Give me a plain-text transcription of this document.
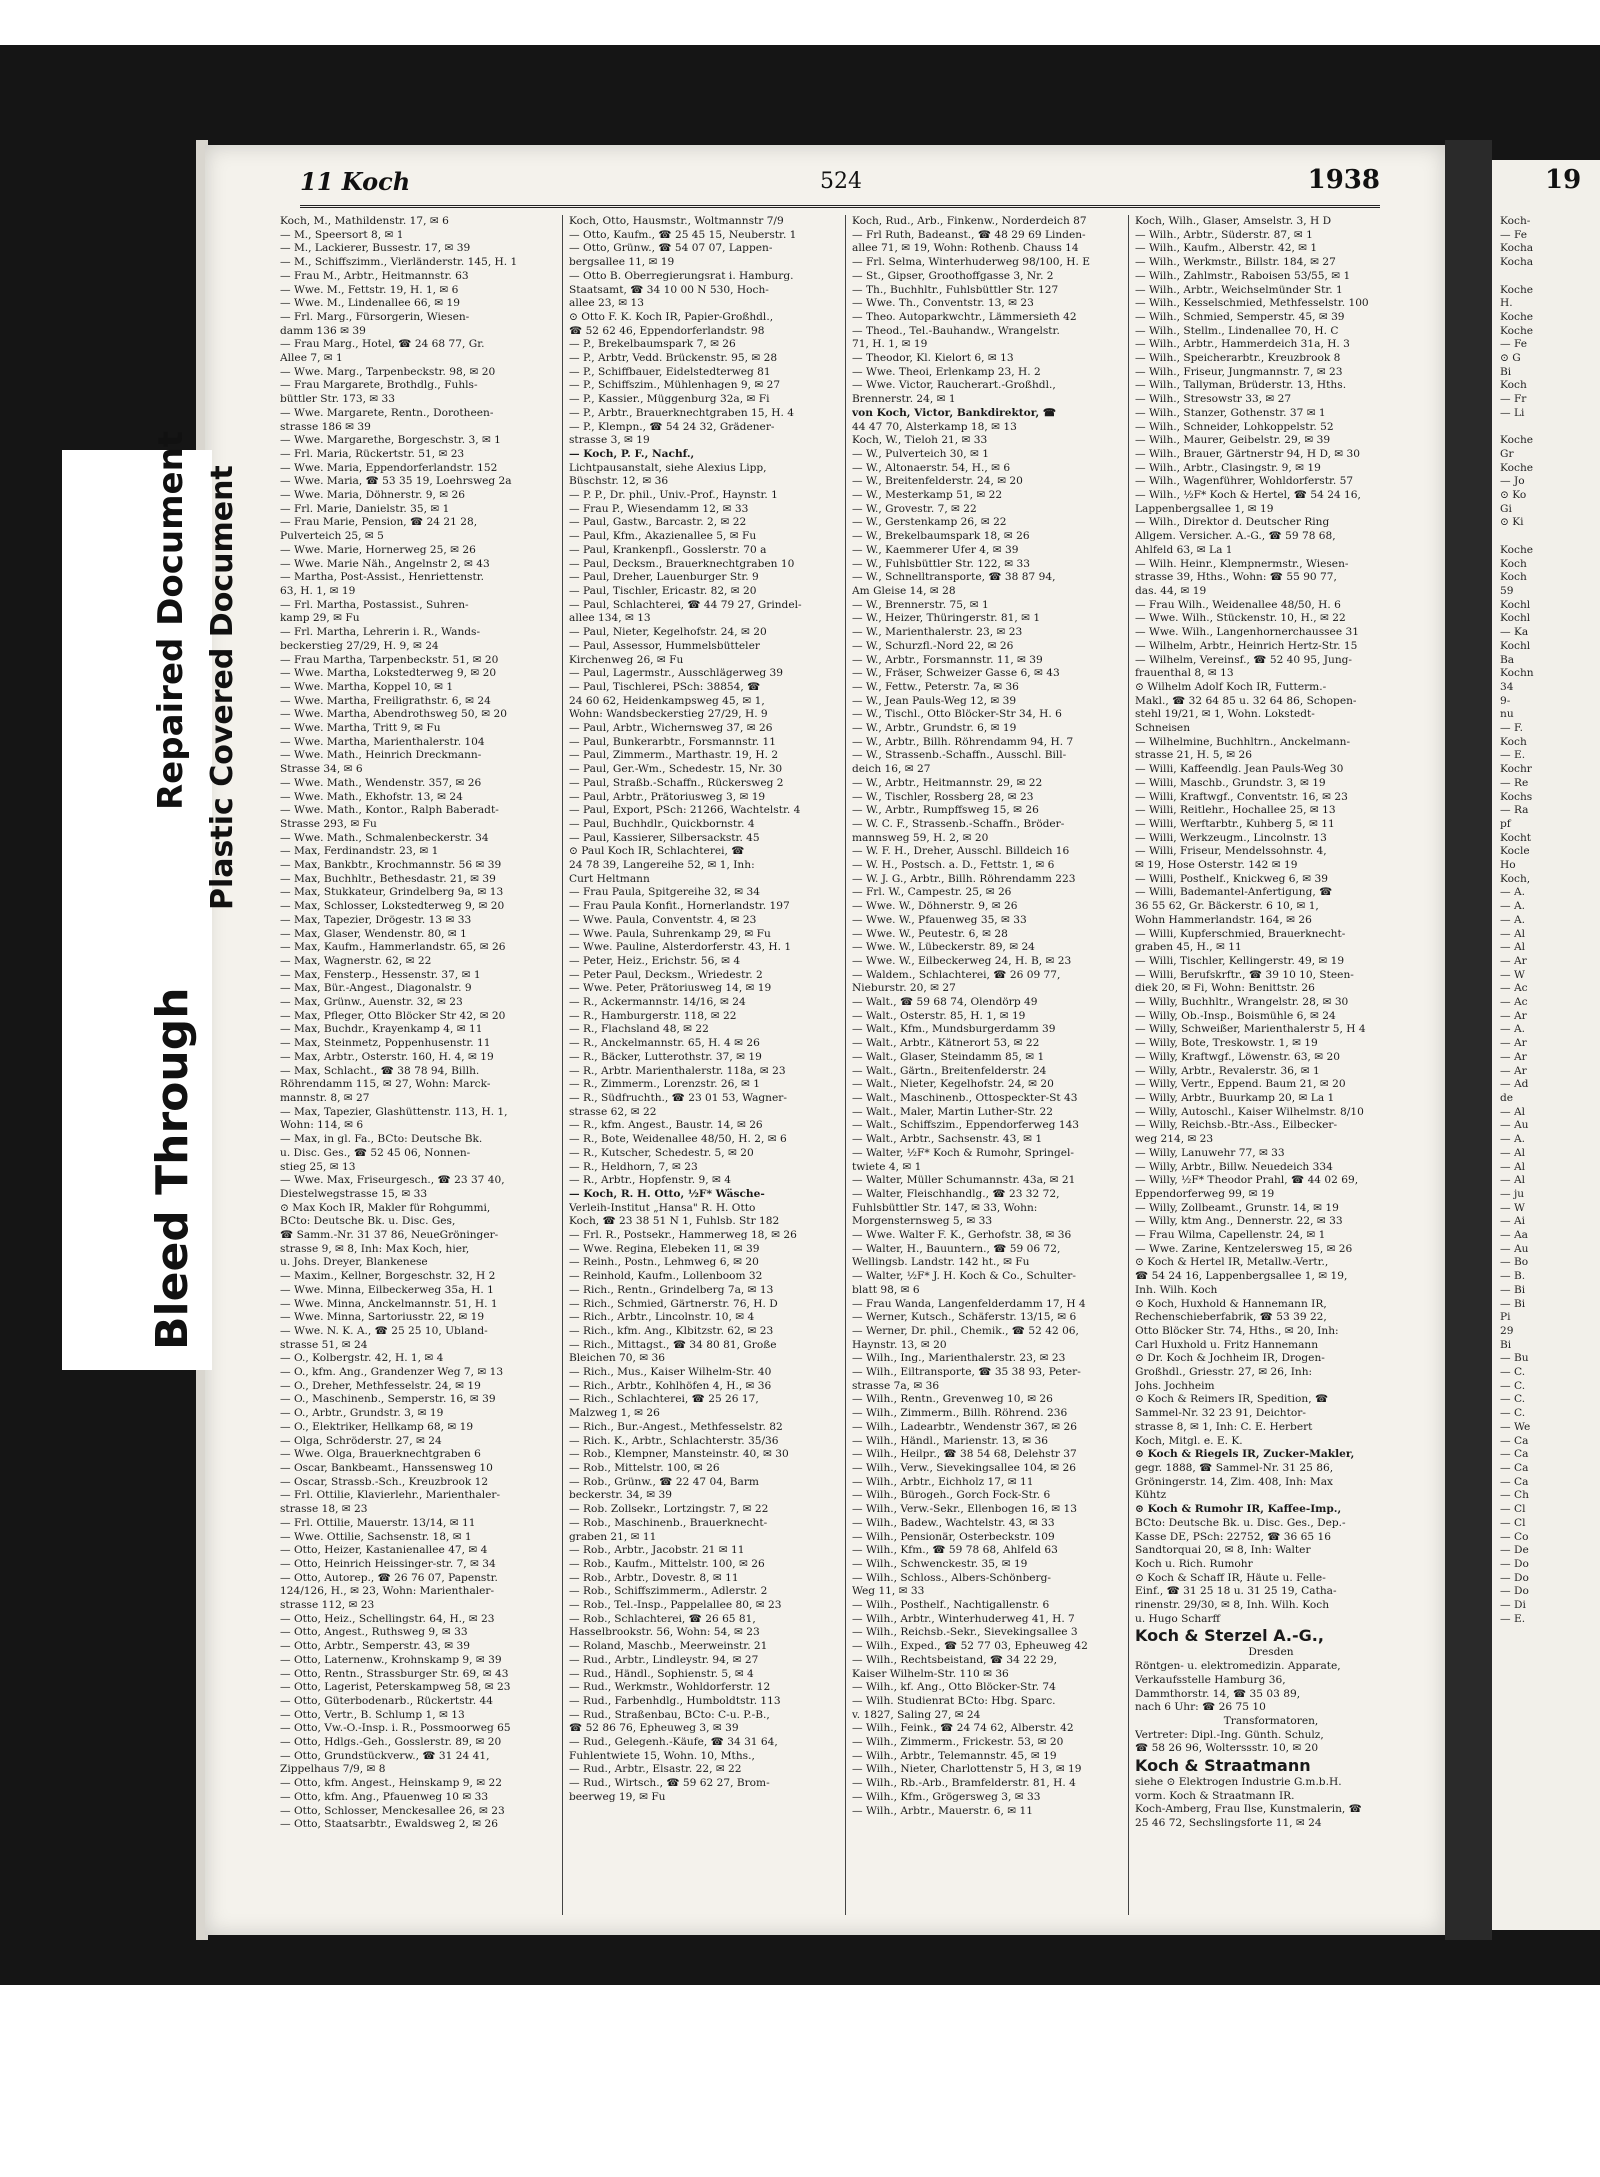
11 Koch	524	1938	19
Koch, M., Mathildenstr. 17, ✉ 6
— M., Speersort 8, ✉ 1
— M., Lackierer, Bussestr. 17, ✉ 39
— M., Schiffszimm., Vierländerstr. 145, H. 1
— Frau M., Arbtr., Heitmannstr. 63
— Wwe. M., Fettstr. 19, H. 1, ✉ 6
— Wwe. M., Lindenallee 66, ✉ 19
— Frl. Marg., Fürsorgerin, Wiesen-
damm 136 ✉ 39
— Frau Marg., Hotel, ☎ 24 68 77, Gr.
Allee 7, ✉ 1
— Wwe. Marg., Tarpenbeckstr. 98, ✉ 20
— Frau Margarete, Brothdlg., Fuhls-
büttler Str. 173, ✉ 33
— Wwe. Margarete, Rentn., Dorotheen-
strasse 186 ✉ 39
— Wwe. Margarethe, Borgeschstr. 3, ✉ 1
— Frl. Maria, Rückertstr. 51, ✉ 23
— Wwe. Maria, Eppendorferlandstr. 152
— Wwe. Maria, ☎ 53 35 19, Loehrsweg 2a
— Wwe. Maria, Döhnerstr. 9, ✉ 26
— Frl. Marie, Danielstr. 35, ✉ 1
— Frau Marie, Pension, ☎ 24 21 28,
Pulverteich 25, ✉ 5
— Wwe. Marie, Hornerweg 25, ✉ 26
— Wwe. Marie Näh., Angelnstr 2, ✉ 43
— Martha, Post-Assist., Henriettenstr.
63, H. 1, ✉ 19
— Frl. Martha, Postassist., Suhren-
kamp 29, ✉ Fu
— Frl. Martha, Lehrerin i. R., Wands-
beckerstieg 27/29, H. 9, ✉ 24
— Frau Martha, Tarpenbeckstr. 51, ✉ 20
— Wwe. Martha, Lokstedterweg 9, ✉ 20
— Wwe. Martha, Koppel 10, ✉ 1
— Wwe. Martha, Freiligrathstr. 6, ✉ 24
— Wwe. Martha, Abendrothsweg 50, ✉ 20
— Wwe. Martha, Tritt 9, ✉ Fu
— Wwe. Martha, Marienthalerstr. 104
— Wwe. Math., Heinrich Dreckmann-
Strasse 34, ✉ 6
— Wwe. Math., Wendenstr. 357, ✉ 26
— Wwe. Math., Ekhofstr. 13, ✉ 24
— Wwe. Math., Kontor., Ralph Baberadt-
Strasse 293, ✉ Fu
— Wwe. Math., Schmalenbeckerstr. 34
— Max, Ferdinandstr. 23, ✉ 1
— Max, Bankbtr., Krochmannstr. 56 ✉ 39
— Max, Buchhltr., Bethesdastr. 21, ✉ 39
— Max, Stukkateur, Grindelberg 9a, ✉ 13
— Max, Schlosser, Lokstedterweg 9, ✉ 20
— Max, Tapezier, Drögestr. 13 ✉ 33
— Max, Glaser, Wendenstr. 80, ✉ 1
— Max, Kaufm., Hammerlandstr. 65, ✉ 26
— Max, Wagnerstr. 62, ✉ 22
— Max, Fensterp., Hessenstr. 37, ✉ 1
— Max, Bür.-Angest., Diagonalstr. 9
— Max, Grünw., Auenstr. 32, ✉ 23
— Max, Pfleger, Otto Blöcker Str 42, ✉ 20
— Max, Buchdr., Krayenkamp 4, ✉ 11
— Max, Steinmetz, Poppenhusenstr. 11
— Max, Arbtr., Osterstr. 160, H. 4, ✉ 19
— Max, Schlacht., ☎ 38 78 94, Billh.
Röhrendamm 115, ✉ 27, Wohn: Marck-
mannstr. 8, ✉ 27
— Max, Tapezier, Glashüttenstr. 113, H. 1,
Wohn: 114, ✉ 6
— Max, in gl. Fa., BCto: Deutsche Bk.
u. Disc. Ges., ☎ 52 45 06, Nonnen-
stieg 25, ✉ 13
— Wwe. Max, Friseurgesch., ☎ 23 37 40,
Diestelwegstrasse 15, ✉ 33
⊙ Max Koch IR, Makler für Rohgummi,
BCto: Deutsche Bk. u. Disc. Ges,
☎ Samm.-Nr. 31 37 86, NeueGröninger-
strasse 9, ✉ 8, Inh: Max Koch, hier,
u. Johs. Dreyer, Blankenese
— Maxim., Kellner, Borgeschstr. 32, H 2
— Wwe. Minna, Eilbeckerweg 35a, H. 1
— Wwe. Minna, Anckelmannstr. 51, H. 1
— Wwe. Minna, Sartoriusstr. 22, ✉ 19
— Wwe. N. K. A., ☎ 25 25 10, Ubland-
strasse 51, ✉ 24
— O., Kolbergstr. 42, H. 1, ✉ 4
— O., kfm. Ang., Grandenzer Weg 7, ✉ 13
— O., Dreher, Methfesselstr. 24, ✉ 19
— O., Maschinenb., Semperstr. 16, ✉ 39
— O., Arbtr., Grundstr. 3, ✉ 19
— O., Elektriker, Hellkamp 68, ✉ 19
— Olga, Schröderstr. 27, ✉ 24
— Wwe. Olga, Brauerknechtgraben 6
— Oscar, Bankbeamt., Hanssensweg 10
— Oscar, Strassb.-Sch., Kreuzbrook 12
— Frl. Ottilie, Klavierlehr., Marienthaler-
strasse 18, ✉ 23
— Frl. Ottilie, Mauerstr. 13/14, ✉ 11
— Wwe. Ottilie, Sachsenstr. 18, ✉ 1
— Otto, Heizer, Kastanienallee 47, ✉ 4
— Otto, Heinrich Heissinger-str. 7, ✉ 34
— Otto, Autorep., ☎ 26 76 07, Papenstr.
124/126, H., ✉ 23, Wohn: Marienthaler-
strasse 112, ✉ 23
— Otto, Heiz., Schellingstr. 64, H., ✉ 23
— Otto, Angest., Ruthsweg 9, ✉ 33
— Otto, Arbtr., Semperstr. 43, ✉ 39
— Otto, Laternenw., Krohnskamp 9, ✉ 39
— Otto, Rentn., Strassburger Str. 69, ✉ 43
— Otto, Lagerist, Peterskampweg 58, ✉ 23
— Otto, Güterbodenarb., Rückertstr. 44
— Otto, Vertr., B. Schlump 1, ✉ 13
— Otto, Vw.-O.-Insp. i. R., Possmoorweg 65
— Otto, Hdlgs.-Geh., Gosslerstr. 89, ✉ 20
— Otto, Grundstückverw., ☎ 31 24 41,
Zippelhaus 7/9, ✉ 8
— Otto, kfm. Angest., Heinskamp 9, ✉ 22
— Otto, kfm. Ang., Pfauenweg 10 ✉ 33
— Otto, Schlosser, Menckesallee 26, ✉ 23
— Otto, Staatsarbtr., Ewaldsweg 2, ✉ 26
Koch, Otto, Hausmstr., Woltmannstr 7/9
— Otto, Kaufm., ☎ 25 45 15, Neuberstr. 1
— Otto, Grünw., ☎ 54 07 07, Lappen-
bergsallee 11, ✉ 19
— Otto B. Oberregierungsrat i. Hamburg.
Staatsamt, ☎ 34 10 00 N 530, Hoch-
allee 23, ✉ 13
⊙ Otto F. K. Koch IR, Papier-Großhdl.,
☎ 52 62 46, Eppendorferlandstr. 98
— P., Brekelbaumspark 7, ✉ 26
— P., Arbtr, Vedd. Brückenstr. 95, ✉ 28
— P., Schiffbauer, Eidelstedterweg 81
— P., Schiffszim., Mühlenhagen 9, ✉ 27
— P., Kassier., Müggenburg 32a, ✉ Fi
— P., Arbtr., Brauerknechtgraben 15, H. 4
— P., Klempn., ☎ 54 24 32, Grädener-
strasse 3, ✉ 19
— Koch, P. F., Nachf.,
Lichtpausanstalt, siehe Alexius Lipp,
Büschstr. 12, ✉ 36
— P. P., Dr. phil., Univ.-Prof., Haynstr. 1
— Frau P., Wiesendamm 12, ✉ 33
— Paul, Gastw., Barcastr. 2, ✉ 22
— Paul, Kfm., Akazienallee 5, ✉ Fu
— Paul, Krankenpfl., Gosslerstr. 70 a
— Paul, Decksm., Brauerknechtgraben 10
— Paul, Dreher, Lauenburger Str. 9
— Paul, Tischler, Ericastr. 82, ✉ 20
— Paul, Schlachterei, ☎ 44 79 27, Grindel-
allee 134, ✉ 13
— Paul, Nieter, Kegelhofstr. 24, ✉ 20
— Paul, Assessor, Hummelsbütteler
Kirchenweg 26, ✉ Fu
— Paul, Lagermstr., Ausschlägerweg 39
— Paul, Tischlerei, PSch: 38854, ☎
24 60 62, Heidenkampsweg 45, ✉ 1,
Wohn: Wandsbeckerstieg 27/29, H. 9
— Paul, Arbtr., Wichernsweg 37, ✉ 26
— Paul, Bunkerarbtr., Forsmannstr. 11
— Paul, Zimmerm., Marthastr. 19, H. 2
— Paul, Ger.-Wm., Schedestr. 15, Nr. 30
— Paul, Straßb.-Schaffn., Rückersweg 2
— Paul, Arbtr., Prätoriusweg 3, ✉ 19
— Paul, Export, PSch: 21266, Wachtelstr. 4
— Paul, Buchhdlr., Quickbornstr. 4
— Paul, Kassierer, Silbersackstr. 45
⊙ Paul Koch IR, Schlachterei, ☎
24 78 39, Langereihe 52, ✉ 1, Inh:
Curt Heltmann
— Frau Paula, Spitgereihe 32, ✉ 34
— Frau Paula Konfit., Hornerlandstr. 197
— Wwe. Paula, Conventstr. 4, ✉ 23
— Wwe. Paula, Suhrenkamp 29, ✉ Fu
— Wwe. Pauline, Alsterdorferstr. 43, H. 1
— Peter, Heiz., Erichstr. 56, ✉ 4
— Peter Paul, Decksm., Wriedestr. 2
— Wwe. Peter, Prätoriusweg 14, ✉ 19
— R., Ackermannstr. 14/16, ✉ 24
— R., Hamburgerstr. 118, ✉ 22
— R., Flachsland 48, ✉ 22
— R., Anckelmannstr. 65, H. 4 ✉ 26
— R., Bäcker, Lutterothstr. 37, ✉ 19
— R., Arbtr. Marienthalerstr. 118a, ✉ 23
— R., Zimmerm., Lorenzstr. 26, ✉ 1
— R., Südfruchth., ☎ 23 01 53, Wagner-
strasse 62, ✉ 22
— R., kfm. Angest., Baustr. 14, ✉ 26
— R., Bote, Weidenallee 48/50, H. 2, ✉ 6
— R., Kutscher, Schedestr. 5, ✉ 20
— R., Heldhorn, 7, ✉ 23
— R., Arbtr., Hopfenstr. 9, ✉ 4
— Koch, R. H. Otto, ½F* Wäsche-
Verleih-Institut „Hansa" R. H. Otto
Koch, ☎ 23 38 51 N 1, Fuhlsb. Str 182
— Frl. R., Postsekr., Hammerweg 18, ✉ 26
— Wwe. Regina, Elebeken 11, ✉ 39
— Reinh., Postn., Lehmweg 6, ✉ 20
— Reinhold, Kaufm., Lollenboom 32
— Rich., Rentn., Grindelberg 7a, ✉ 13
— Rich., Schmied, Gärtnerstr. 76, H. D
— Rich., Arbtr., Lincolnstr. 10, ✉ 4
— Rich., kfm. Ang., Klbitzstr. 62, ✉ 23
— Rich., Mittagst., ☎ 34 80 81, Große
Bleichen 70, ✉ 36
— Rich., Mus., Kaiser Wilhelm-Str. 40
— Rich., Arbtr., Kohlhöfen 4, H., ✉ 36
— Rich., Schlachterei, ☎ 25 26 17,
Malzweg 1, ✉ 26
— Rich., Bur.-Angest., Methfesselstr. 82
— Rich. K., Arbtr., Schlachterstr. 35/36
— Rob., Klempner, Mansteinstr. 40, ✉ 30
— Rob., Mittelstr. 100, ✉ 26
— Rob., Grünw., ☎ 22 47 04, Barm
beckerstr. 34, ✉ 39
— Rob. Zollsekr., Lortzingstr. 7, ✉ 22
— Rob., Maschinenb., Brauerknecht-
graben 21, ✉ 11
— Rob., Arbtr., Jacobstr. 21 ✉ 11
— Rob., Kaufm., Mittelstr. 100, ✉ 26
— Rob., Arbtr., Dovestr. 8, ✉ 11
— Rob., Schiffszimmerm., Adlerstr. 2
— Rob., Tel.-Insp., Pappelallee 80, ✉ 23
— Rob., Schlachterei, ☎ 26 65 81,
Hasselbrookstr. 56, Wohn: 54, ✉ 23
— Roland, Maschb., Meerweinstr. 21
— Rud., Arbtr., Lindleystr. 94, ✉ 27
— Rud., Händl., Sophienstr. 5, ✉ 4
— Rud., Werkmstr., Wohldorferstr. 12
— Rud., Farbenhdlg., Humboldtstr. 113
— Rud., Straßenbau, BCto: C-u. P.-B.,
☎ 52 86 76, Epheuweg 3, ✉ 39
— Rud., Gelegenh.-Käufe, ☎ 34 31 64,
Fuhlentwiete 15, Wohn. 10, Mths.,
— Rud., Arbtr., Elsastr. 22, ✉ 22
— Rud., Wirtsch., ☎ 59 62 27, Brom-
beerweg 19, ✉ Fu
Koch, Rud., Arb., Finkenw., Norderdeich 87
— Frl Ruth, Badeanst., ☎ 48 29 69 Linden-
allee 71, ✉ 19, Wohn: Rothenb. Chauss 14
— Frl. Selma, Winterhuderweg 98/100, H. E
— St., Gipser, Groothoffgasse 3, Nr. 2
— Th., Buchhltr., Fuhlsbüttler Str. 127
— Wwe. Th., Conventstr. 13, ✉ 23
— Theo. Autoparkwchtr., Lämmersieth 42
— Theod., Tel.-Bauhandw., Wrangelstr.
71, H. 1, ✉ 19
— Theodor, Kl. Kielort 6, ✉ 13
— Wwe. Theoi, Erlenkamp 23, H. 2
— Wwe. Victor, Raucherart.-Großhdl.,
Brennerstr. 24, ✉ 1
von Koch, Victor, Bankdirektor, ☎
44 47 70, Alsterkamp 18, ✉ 13
Koch, W., Tieloh 21, ✉ 33
— W., Pulverteich 30, ✉ 1
— W., Altonaerstr. 54, H., ✉ 6
— W., Breitenfelderstr. 24, ✉ 20
— W., Mesterkamp 51, ✉ 22
— W., Grovestr. 7, ✉ 22
— W., Gerstenkamp 26, ✉ 22
— W., Brekelbaumspark 18, ✉ 26
— W., Kaemmerer Ufer 4, ✉ 39
— W., Fuhlsbüttler Str. 122, ✉ 33
— W., Schnelltransporte, ☎ 38 87 94,
Am Gleise 14, ✉ 28
— W., Brennerstr. 75, ✉ 1
— W., Heizer, Thüringerstr. 81, ✉ 1
— W., Marienthalerstr. 23, ✉ 23
— W., Schurzfl.-Nord 22, ✉ 26
— W., Arbtr., Forsmannstr. 11, ✉ 39
— W., Fräser, Schweizer Gasse 6, ✉ 43
— W., Fettw., Peterstr. 7a, ✉ 36
— W., Jean Pauls-Weg 12, ✉ 39
— W., Tischl., Otto Blöcker-Str 34, H. 6
— W., Arbtr., Grundstr. 6, ✉ 19
— W., Arbtr., Billh. Röhrendamm 94, H. 7
— W., Strassenb.-Schaffn., Ausschl. Bill-
deich 16, ✉ 27
— W., Arbtr., Heitmannstr. 29, ✉ 22
— W., Tischler, Rossberg 28, ✉ 23
— W., Arbtr., Rumpffsweg 15, ✉ 26
— W. C. F., Strassenb.-Schaffn., Bröder-
mannsweg 59, H. 2, ✉ 20
— W. F. H., Dreher, Ausschl. Billdeich 16
— W. H., Postsch. a. D., Fettstr. 1, ✉ 6
— W. J. G., Arbtr., Billh. Röhrendamm 223
— Frl. W., Campestr. 25, ✉ 26
— Wwe. W., Döhnerstr. 9, ✉ 26
— Wwe. W., Pfauenweg 35, ✉ 33
— Wwe. W., Peutestr. 6, ✉ 28
— Wwe. W., Lübeckerstr. 89, ✉ 24
— Wwe. W., Eilbeckerweg 24, H. B, ✉ 23
— Waldem., Schlachterei, ☎ 26 09 77,
Nieburstr. 20, ✉ 27
— Walt., ☎ 59 68 74, Olendörp 49
— Walt., Osterstr. 85, H. 1, ✉ 19
— Walt., Kfm., Mundsburgerdamm 39
— Walt., Arbtr., Kätnerort 53, ✉ 22
— Walt., Glaser, Steindamm 85, ✉ 1
— Walt., Gärtn., Breitenfelderstr. 24
— Walt., Nieter, Kegelhofstr. 24, ✉ 20
— Walt., Maschinenb., Ottospeckter-St 43
— Walt., Maler, Martin Luther-Str. 22
— Walt., Schiffszim., Eppendorferweg 143
— Walt., Arbtr., Sachsenstr. 43, ✉ 1
— Walter, ½F* Koch & Rumohr, Springel-
twiete 4, ✉ 1
— Walter, Müller Schumannstr. 43a, ✉ 21
— Walter, Fleischhandlg., ☎ 23 32 72,
Fuhlsbüttler Str. 147, ✉ 33, Wohn:
Morgensternsweg 5, ✉ 33
— Wwe. Walter F. K., Gerhofstr. 38, ✉ 36
— Walter, H., Bauuntern., ☎ 59 06 72,
Wellingsb. Landstr. 142 ht., ✉ Fu
— Walter, ½F* J. H. Koch & Co., Schulter-
blatt 98, ✉ 6
— Frau Wanda, Langenfelderdamm 17, H 4
— Werner, Kutsch., Schäferstr. 13/15, ✉ 6
— Werner, Dr. phil., Chemik., ☎ 52 42 06,
Haynstr. 13, ✉ 20
— Wilh., Ing., Marienthalerstr. 23, ✉ 23
— Wilh., Eiltransporte, ☎ 35 38 93, Peter-
strasse 7a, ✉ 36
— Wilh., Rentn., Grevenweg 10, ✉ 26
— Wilh., Zimmerm., Billh. Röhrend. 236
— Wilh., Ladearbtr., Wendenstr 367, ✉ 26
— Wilh., Händl., Marienstr. 13, ✉ 36
— Wilh., Heilpr., ☎ 38 54 68, Delehstr 37
— Wilh., Verw., Sievekingsallee 104, ✉ 26
— Wilh., Arbtr., Eichholz 17, ✉ 11
— Wilh., Bürogeh., Gorch Fock-Str. 6
— Wilh., Verw.-Sekr., Ellenbogen 16, ✉ 13
— Wilh., Badew., Wachtelstr. 43, ✉ 33
— Wilh., Pensionär, Osterbeckstr. 109
— Wilh., Kfm., ☎ 59 78 68, Ahlfeld 63
— Wilh., Schwenckestr. 35, ✉ 19
— Wilh., Schloss., Albers-Schönberg-
Weg 11, ✉ 33
— Wilh., Posthelf., Nachtigallenstr. 6
— Wilh., Arbtr., Winterhuderweg 41, H. 7
— Wilh., Reichsb.-Sekr., Sievekingsallee 3
— Wilh., Exped., ☎ 52 77 03, Epheuweg 42
— Wilh., Rechtsbeistand, ☎ 34 22 29,
Kaiser Wilhelm-Str. 110 ✉ 36
— Wilh., kf. Ang., Otto Blöcker-Str. 74
— Wilh. Studienrat BCto: Hbg. Sparc.
v. 1827, Saling 27, ✉ 24
— Wilh., Feink., ☎ 24 74 62, Alberstr. 42
— Wilh., Zimmerm., Frickestr. 53, ✉ 20
— Wilh., Arbtr., Telemannstr. 45, ✉ 19
— Wilh., Nieter, Charlottenstr 5, H 3, ✉ 19
— Wilh., Rb.-Arb., Bramfelderstr. 81, H. 4
— Wilh., Kfm., Grögersweg 3, ✉ 33
— Wilh., Arbtr., Mauerstr. 6, ✉ 11
Koch, Wilh., Glaser, Amselstr. 3, H D
— Wilh., Arbtr., Süderstr. 87, ✉ 1
— Wilh., Kaufm., Alberstr. 42, ✉ 1
— Wilh., Werkmstr., Billstr. 184, ✉ 27
— Wilh., Zahlmstr., Raboisen 53/55, ✉ 1
— Wilh., Arbtr., Weichselmünder Str. 1
— Wilh., Kesselschmied, Methfesselstr. 100
— Wilh., Schmied, Semperstr. 45, ✉ 39
— Wilh., Stellm., Lindenallee 70, H. C
— Wilh., Arbtr., Hammerdeich 31a, H. 3
— Wilh., Speicherarbtr., Kreuzbrook 8
— Wilh., Friseur, Jungmannstr. 7, ✉ 23
— Wilh., Tallyman, Brüderstr. 13, Hths.
— Wilh., Stresowstr 33, ✉ 27
— Wilh., Stanzer, Gothenstr. 37 ✉ 1
— Wilh., Schneider, Lohkoppelstr. 52
— Wilh., Maurer, Geibelstr. 29, ✉ 39
— Wilh., Brauer, Gärtnerstr 94, H D, ✉ 30
— Wilh., Arbtr., Clasingstr. 9, ✉ 19
— Wilh., Wagenführer, Wohldorferstr. 57
— Wilh., ½F* Koch & Hertel, ☎ 54 24 16,
Lappenbergsallee 1, ✉ 19
— Wilh., Direktor d. Deutscher Ring
Allgem. Versicher. A.-G., ☎ 59 78 68,
Ahlfeld 63, ✉ La 1
— Wilh. Heinr., Klempnermstr., Wiesen-
strasse 39, Hths., Wohn: ☎ 55 90 77,
das. 44, ✉ 19
— Frau Wilh., Weidenallee 48/50, H. 6
— Wwe. Wilh., Stückenstr. 10, H., ✉ 22
— Wwe. Wilh., Langenhornerchaussee 31
— Wilhelm, Arbtr., Heinrich Hertz-Str. 15
— Wilhelm, Vereinsf., ☎ 52 40 95, Jung-
frauenthal 8, ✉ 13
⊙ Wilhelm Adolf Koch IR, Futterm.-
Makl., ☎ 32 64 85 u. 32 64 86, Schopen-
stehl 19/21, ✉ 1, Wohn. Lokstedt-
Schneisen
— Wilhelmine, Buchhltrn., Anckelmann-
strasse 21, H. 5, ✉ 26
— Willi, Kaffeendlg. Jean Pauls-Weg 30
— Willi, Maschb., Grundstr. 3, ✉ 19
— Willi, Kraftwgf., Conventstr. 16, ✉ 23
— Willi, Reitlehr., Hochallee 25, ✉ 13
— Willi, Werftarbtr., Kuhberg 5, ✉ 11
— Willi, Werkzeugm., Lincolnstr. 13
— Willi, Friseur, Mendelssohnstr. 4,
✉ 19, Hose Osterstr. 142 ✉ 19
— Willi, Posthelf., Knickweg 6, ✉ 39
— Willi, Bademantel-Anfertigung, ☎
36 55 62, Gr. Bäckerstr. 6 10, ✉ 1,
Wohn Hammerlandstr. 164, ✉ 26
— Willi, Kupferschmied, Brauerknecht-
graben 45, H., ✉ 11
— Willi, Tischler, Kellingerstr. 49, ✉ 19
— Willi, Berufskrftr., ☎ 39 10 10, Steen-
diek 20, ✉ Fi, Wohn: Benittstr. 26
— Willy, Buchhltr., Wrangelstr. 28, ✉ 30
— Willy, Ob.-Insp., Boismühle 6, ✉ 24
— Willy, Schweißer, Marienthalerstr 5, H 4
— Willy, Bote, Treskowstr. 1, ✉ 19
— Willy, Kraftwgf., Löwenstr. 63, ✉ 20
— Willy, Arbtr., Revalerstr. 36, ✉ 1
— Willy, Vertr., Eppend. Baum 21, ✉ 20
— Willy, Arbtr., Buurkamp 20, ✉ La 1
— Willy, Autoschl., Kaiser Wilhelmstr. 8/10
— Willy, Reichsb.-Btr.-Ass., Eilbecker-
weg 214, ✉ 23
— Willy, Lanuwehr 77, ✉ 33
— Willy, Arbtr., Billw. Neuedeich 334
— Willy, ½F* Theodor Prahl, ☎ 44 02 69,
Eppendorferweg 99, ✉ 19
— Willy, Zollbeamt., Grunstr. 14, ✉ 19
— Willy, ktm Ang., Dennerstr. 22, ✉ 33
— Frau Wilma, Capellenstr. 24, ✉ 1
— Wwe. Zarine, Kentzelersweg 15, ✉ 26
⊙ Koch & Hertel IR, Metallw.-Vertr.,
☎ 54 24 16, Lappenbergsallee 1, ✉ 19,
Inh. Wilh. Koch
⊙ Koch, Huxhold & Hannemann IR,
Rechenschieberfabrik, ☎ 53 39 22,
Otto Blöcker Str. 74, Hths., ✉ 20, Inh:
Carl Huxhold u. Fritz Hannemann
⊙ Dr. Koch & Jochheim IR, Drogen-
Großhdl., Griesstr. 27, ✉ 26, Inh:
Johs. Jochheim
⊙ Koch & Reimers IR, Spedition, ☎
Sammel-Nr. 32 23 91, Deichtor-
strasse 8, ✉ 1, Inh: C. E. Herbert
Koch, Mitgl. e. E. K.
⊙ Koch & Riegels IR, Zucker-Makler,
gegr. 1888, ☎ Sammel-Nr. 31 25 86,
Gröningerstr. 14, Zim. 408, Inh: Max
Kühtz
⊙ Koch & Rumohr IR, Kaffee-Imp.,
BCto: Deutsche Bk. u. Disc. Ges., Dep.-
Kasse DE, PSch: 22752, ☎ 36 65 16
Sandtorquai 20, ✉ 8, Inh: Walter
Koch u. Rich. Rumohr
⊙ Koch & Schaff IR, Häute u. Felle-
Einf., ☎ 31 25 18 u. 31 25 19, Catha-
rinenstr. 29/30, ✉ 8, Inh. Wilh. Koch
u. Hugo Scharff
Koch & Sterzel A.-G.,
Dresden
Röntgen- u. elektromedizin. Apparate,
Verkaufsstelle Hamburg 36,
Dammthorstr. 14, ☎ 35 03 89,
nach 6 Uhr: ☎ 26 75 10
Transformatoren,
Vertreter: Dipl.-Ing. Günth. Schulz,
☎ 58 26 96, Wolterssstr. 10, ✉ 20
Koch & Straatmann
siehe ⊙ Elektrogen Industrie G.m.b.H.
vorm. Koch & Straatmann IR.
Koch-Amberg, Frau Ilse, Kunstmalerin, ☎
25 46 72, Sechslingsforte 11, ✉ 24
Koch-
— Fe
Kocha
Kocha

Koche
H.
Koche
Koche
— Fe
⊙ G
Bi
Koch
— Fr
— Li

Koche
Gr
Koche
— Jo
⊙ Ko
Gi
⊙ Ki

Koche
Koch
Koch
59
Kochl
Kochl
— Ka
Kochl
Ba
Kochn
34
9-
nu
— F.
Koch
— E.
Kochr
— Re
Kochs
— Ra
pf
Kocht
Kocle
Ho
Koch,
— A.
— A.
— A.
— Al
— Al
— Ar
— W
— Ac
— Ac
— Ar
— A.
— Ar
— Ar
— Ar
— Ad
de
— Al
— Au
— A.
— Al
— Al
— Al
— ju
— W
— Ai
— Aa
— Au
— Bo
— B.
— Bi
— Bi
Pi
29
Bi
— Bu
— C.
— C.
— C.
— C.
— We
— Ca
— Ca
— Ca
— Ca
— Ch
— Cl
— Cl
— Co
— De
— Do
— Do
— Do
— Di
— E.
Bleed Through
Repaired Document Plastic Covered Document
